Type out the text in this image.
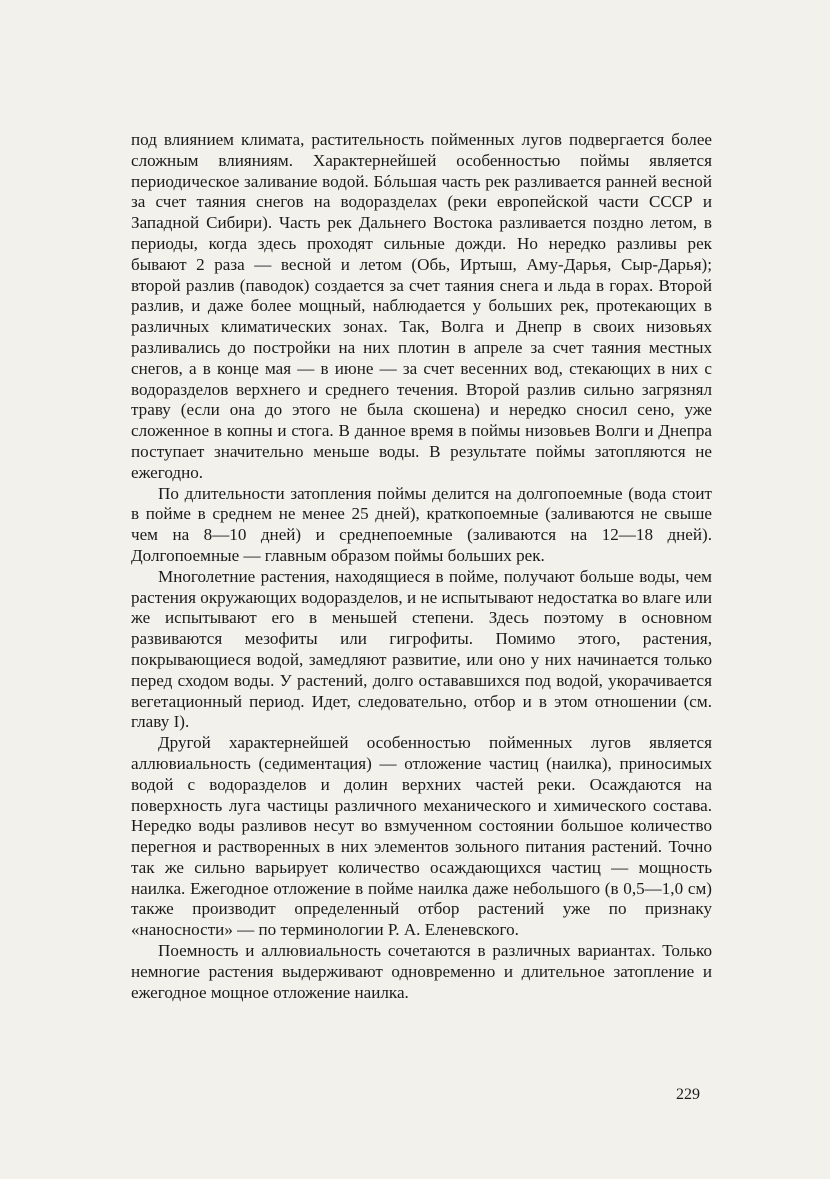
под влиянием климата, растительность пойменных лугов подвергается более сложным влияниям. Характернейшей особенностью поймы является периодическое заливание водой. Бóльшая часть рек разливается ранней весной за счет таяния снегов на водоразделах (реки европейской части СССР и Западной Сибири). Часть рек Дальнего Востока разливается поздно летом, в периоды, когда здесь проходят сильные дожди. Но нередко разливы рек бывают 2 раза — весной и летом (Обь, Иртыш, Аму-Дарья, Сыр-Дарья); второй разлив (паводок) создается за счет таяния снега и льда в горах. Второй разлив, и даже более мощный, наблюдается у больших рек, протекающих в различных климатических зонах. Так, Волга и Днепр в своих низовьях разливались до постройки на них плотин в апреле за счет таяния местных снегов, а в конце мая — в июне — за счет весенних вод, стекающих в них с водоразделов верхнего и среднего течения. Второй разлив сильно загрязнял траву (если она до этого не была скошена) и нередко сносил сено, уже сложенное в копны и стога. В данное время в поймы низовьев Волги и Днепра поступает значительно меньше воды. В результате поймы затопляются не ежегодно.

По длительности затопления поймы делится на долгопоемные (вода стоит в пойме в среднем не менее 25 дней), краткопоемные (заливаются не свыше чем на 8—10 дней) и среднепоемные (заливаются на 12—18 дней). Долгопоемные — главным образом поймы больших рек.

Многолетние растения, находящиеся в пойме, получают больше воды, чем растения окружающих водоразделов, и не испытывают недостатка во влаге или же испытывают его в меньшей степени. Здесь поэтому в основном развиваются мезофиты или гигрофиты. Помимо этого, растения, покрывающиеся водой, замедляют развитие, или оно у них начинается только перед сходом воды. У растений, долго остававшихся под водой, укорачивается вегетационный период. Идет, следовательно, отбор и в этом отношении (см. главу I).

Другой характернейшей особенностью пойменных лугов является аллювиальность (седиментация) — отложение частиц (наилка), приносимых водой с водоразделов и долин верхних частей реки. Осаждаются на поверхность луга частицы различного механического и химического состава. Нередко воды разливов несут во взмученном состоянии большое количество перегноя и растворенных в них элементов зольного питания растений. Точно так же сильно варьирует количество осаждающихся частиц — мощность наилка. Ежегодное отложение в пойме наилка даже небольшого (в 0,5—1,0 см) также производит определенный отбор растений уже по признаку «наносности» — по терминологии Р. А. Еленевского.

Поемность и аллювиальность сочетаются в различных вариантах. Только немногие растения выдерживают одновременно и длительное затопление и ежегодное мощное отложение наилка.

229
